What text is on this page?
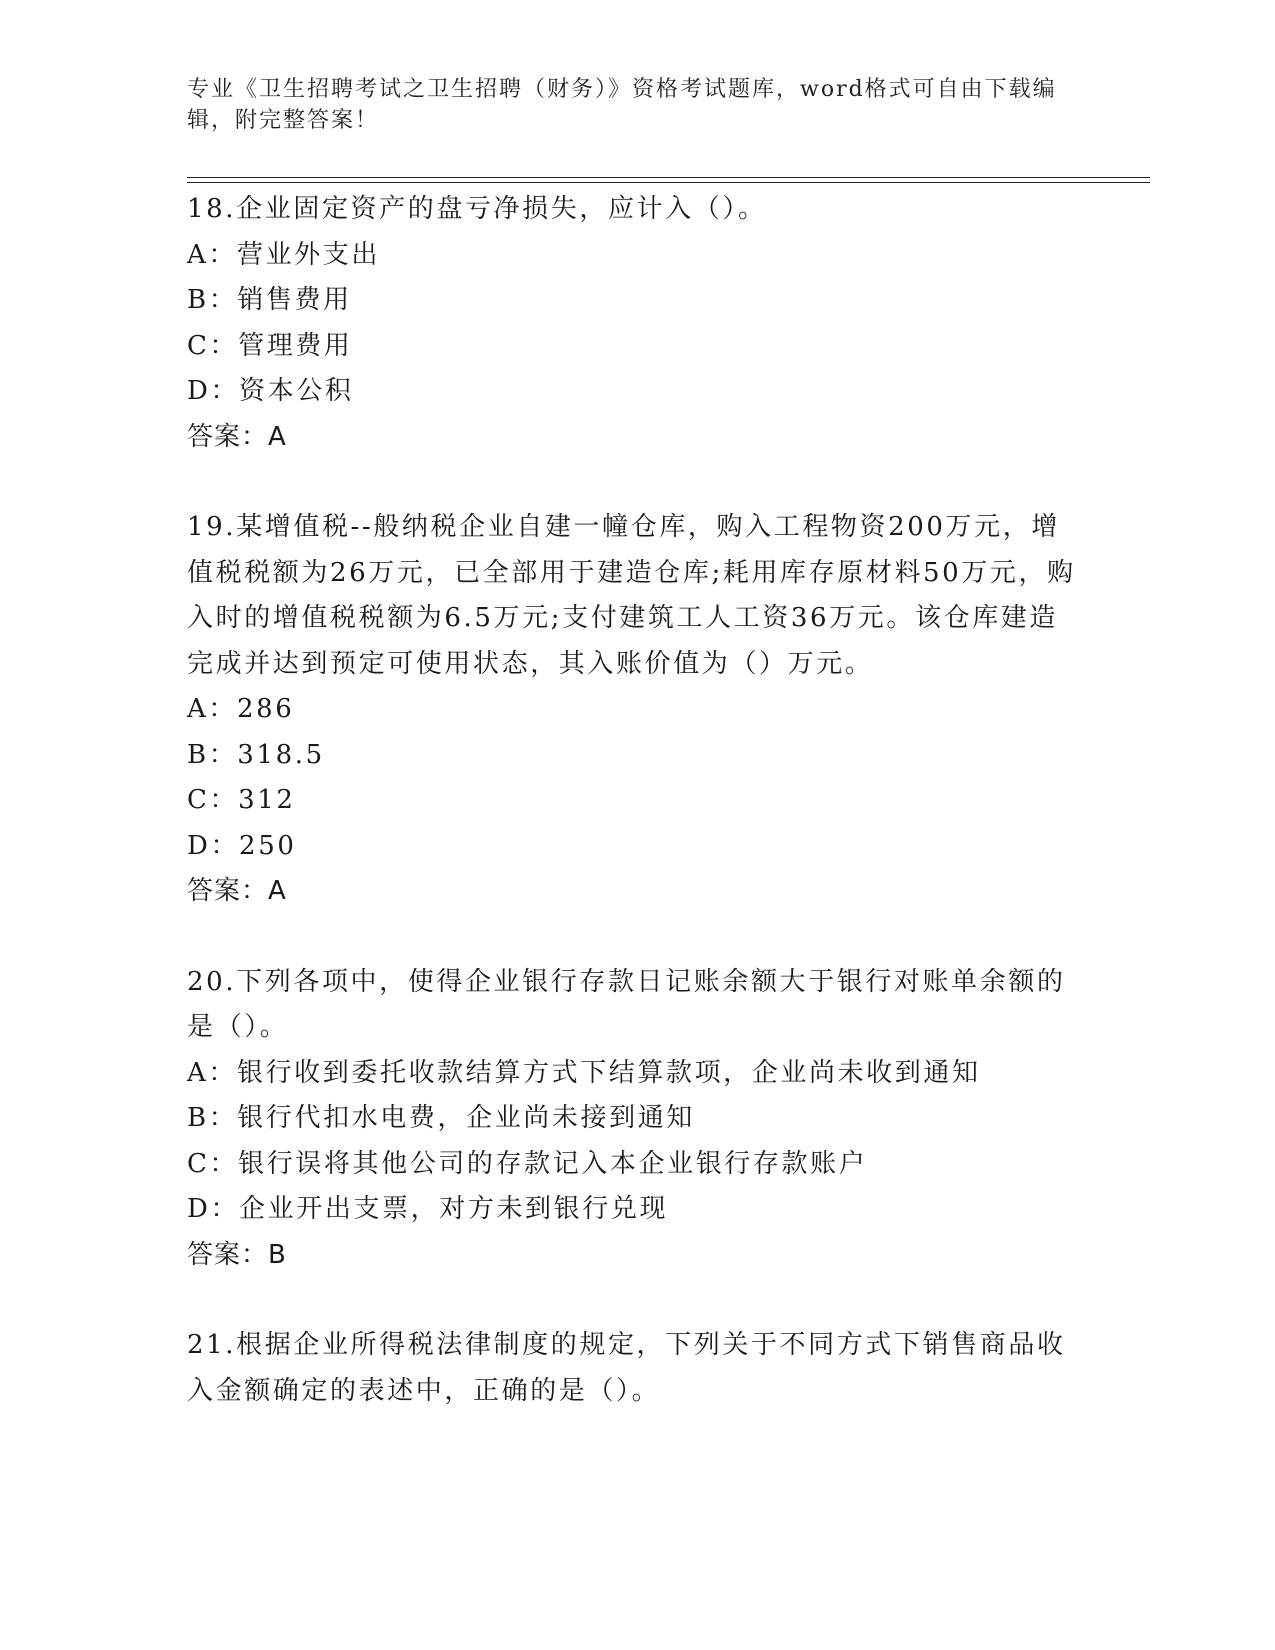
专业《卫生招聘考试之卫生招聘（财务）》资格考试题库，word格式可自由下载编辑，附完整答案！
18.企业固定资产的盘亏净损失，应计入（）。
A：营业外支出
B：销售费用
C：管理费用
D：资本公积
答案：A
19.某增值税--般纳税企业自建一幢仓库，购入工程物资200万元，增值税税额为26万元，已全部用于建造仓库;耗用库存原材料50万元，购入时的增值税税额为6.5万元;支付建筑工人工资36万元。该仓库建造完成并达到预定可使用状态，其入账价值为（）万元。
A：286
B：318.5
C：312
D：250
答案：A
20.下列各项中，使得企业银行存款日记账余额大于银行对账单余额的是（）。
A：银行收到委托收款结算方式下结算款项，企业尚未收到通知
B：银行代扣水电费，企业尚未接到通知
C：银行误将其他公司的存款记入本企业银行存款账户
D：企业开出支票，对方未到银行兑现
答案：B
21.根据企业所得税法律制度的规定，下列关于不同方式下销售商品收入金额确定的表述中，正确的是（）。
